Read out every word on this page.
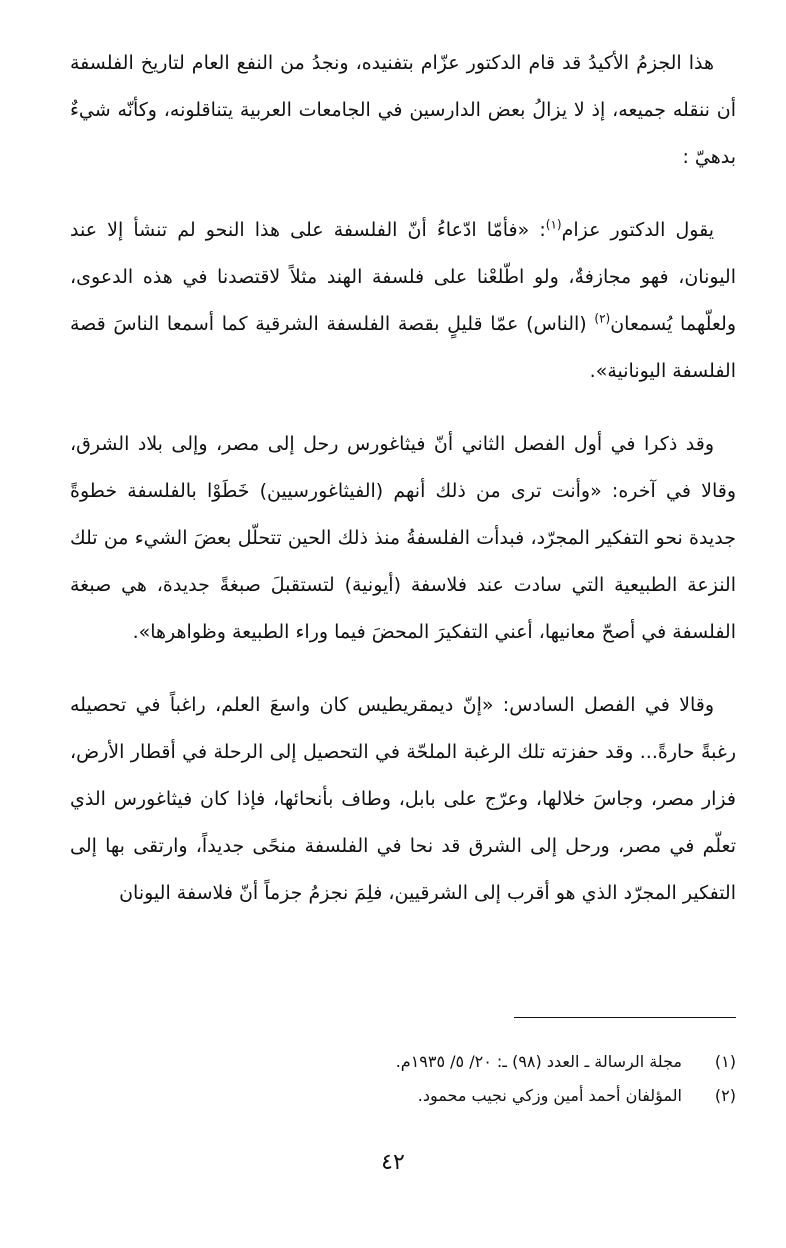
هذا الجزمُ الأكيدُ قد قام الدكتور عزّام بتفنيده، ونجدُ من النفع العام لتاريخ الفلسفة أن ننقله جميعه، إذ لا يزالُ بعض الدارسين في الجامعات العربية يتناقلونه، وكأنّه شيءٌ بدهيّ :

يقول الدكتور عزام$^{(١)}$: «فأمّا ادّعاءُ أنّ الفلسفة على هذا النحو لم تنشأ إلا عند اليونان، فهو مجازفةٌ، ولو اطّلعْنا على فلسفة الهند مثلاً لاقتصدنا في هذه الدعوى، ولعلّهما يُسمعان$^{(٢)}$ (الناس) عمّا قليلٍ بقصة الفلسفة الشرقية كما أسمعا الناسَ قصة الفلسفة اليونانية».

وقد ذكرا في أول الفصل الثاني أنّ فيثاغورس رحل إلى مصر، وإلى بلاد الشرق، وقالا في آخره: «وأنت ترى من ذلك أنهم (الفيثاغورسيين) خَطَوْا بالفلسفة خطوةً جديدة نحو التفكير المجرّد، فبدأت الفلسفةُ منذ ذلك الحين تتحلّل بعضَ الشيء من تلك النزعة الطبيعية التي سادت عند فلاسفة (أيونية) لتستقبلَ صبغةً جديدة، هي صبغة الفلسفة في أصحّ معانيها، أعني التفكيرَ المحضَ فيما وراء الطبيعة وظواهرها».

وقالا في الفصل السادس: «إنّ ديمقريطيس كان واسعَ العلم، راغباً في تحصيله رغبةً حارةً... وقد حفزته تلك الرغبة الملحّة في التحصيل إلى الرحلة في أقطار الأرض، فزار مصر، وجاسَ خلالها، وعرّج على بابل، وطاف بأنحائها، فإذا كان فيثاغورس الذي تعلّم في مصر، ورحل إلى الشرق قد نحا في الفلسفة منحًى جديداً، وارتقى بها إلى التفكير المجرّد الذي هو أقرب إلى الشرقيين، فلِمَ نجزمُ جزماً أنّ فلاسفة اليونان

(١)
مجلة الرسالة ـ العدد (٩٨) ـ: ٢٠/ ٥/ ١٩٣٥م.
(٢)
المؤلفان أحمد أمين وزكي نجيب محمود.
٤٢
